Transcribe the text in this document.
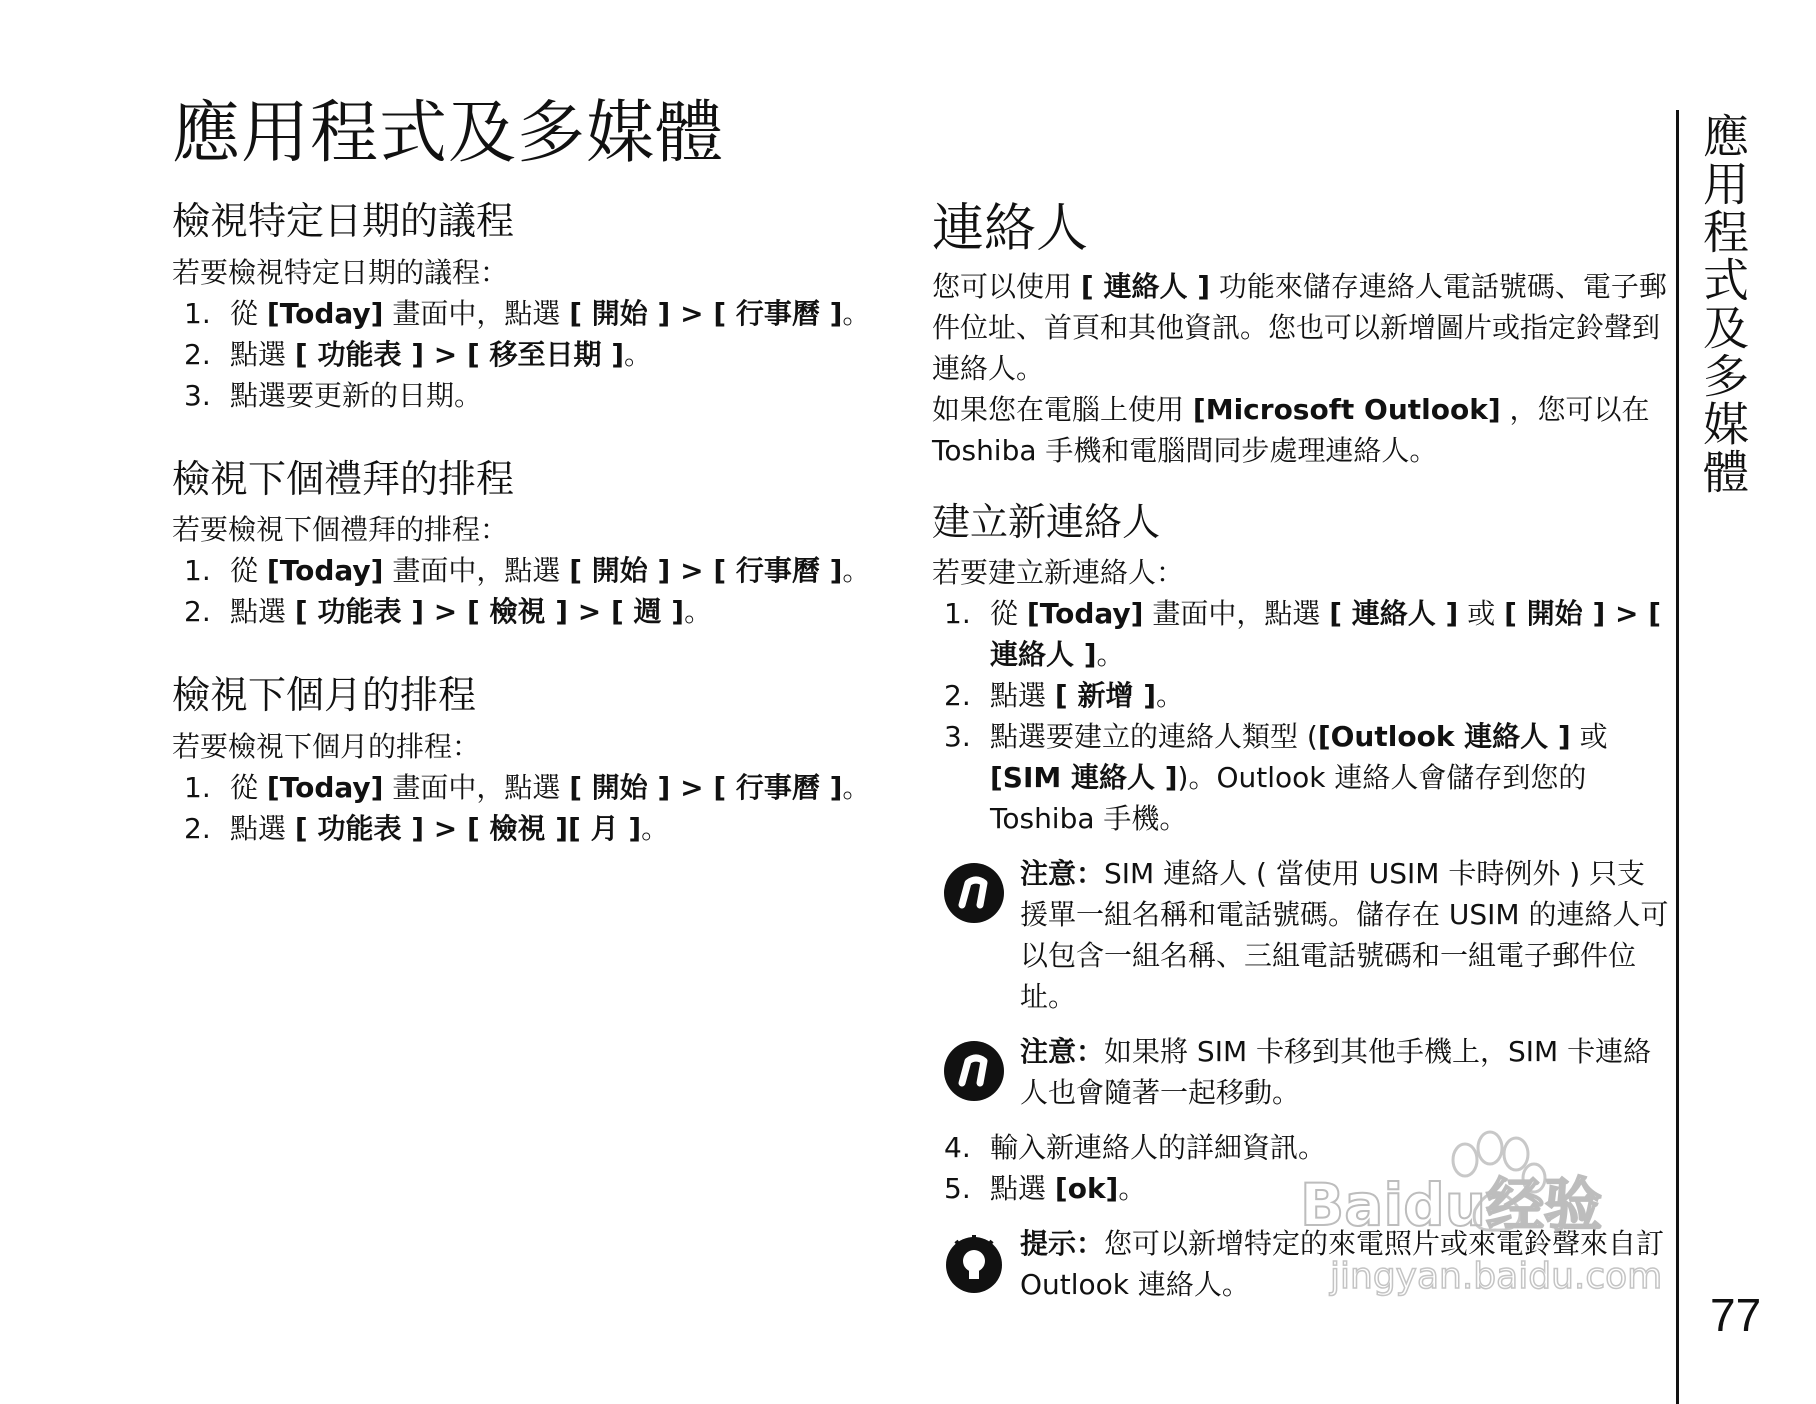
應用程式及多媒體
檢視特定日期的議程

若要檢視特定日期的議程：

1. 從 [Today] 畫面中，點選 [ 開始 ] > [ 行事曆 ]。
2. 點選 [ 功能表 ] > [ 移至日期 ]。
3. 點選要更新的日期。
檢視下個禮拜的排程

若要檢視下個禮拜的排程：

1. 從 [Today] 畫面中，點選 [ 開始 ] > [ 行事曆 ]。
2. 點選 [ 功能表 ] > [ 檢視 ] > [ 週 ]。
檢視下個月的排程

若要檢視下個月的排程：

1. 從 [Today] 畫面中，點選 [ 開始 ] > [ 行事曆 ]。
2. 點選 [ 功能表 ] > [ 檢視 ][ 月 ]。
連絡人

您可以使用 [ 連絡人 ] 功能來儲存連絡人電話號碼、電子郵件位址、首頁和其他資訊。您也可以新增圖片或指定鈴聲到連絡人。

如果您在電腦上使用 [Microsoft Outlook] ，您可以在 Toshiba 手機和電腦間同步處理連絡人。

建立新連絡人

若要建立新連絡人：

1. 從 [Today] 畫面中，點選 [ 連絡人 ] 或 [ 開始 ] > [ 連絡人 ]。
2. 點選 [ 新增 ]。
3. 點選要建立的連絡人類型 ([Outlook 連絡人 ] 或 [SIM 連絡人 ])。Outlook 連絡人會儲存到您的 Toshiba 手機。
注意：SIM 連絡人 ( 當使用 USIM 卡時例外 ) 只支援單一組名稱和電話號碼。儲存在 USIM 的連絡人可以包含一組名稱、三組電話號碼和一組電子郵件位址。
注意：如果將 SIM 卡移到其他手機上，SIM 卡連絡人也會隨著一起移動。
4. 輸入新連絡人的詳細資訊。
5. 點選 [ok]。
提示：您可以新增特定的來電照片或來電鈴聲來自訂 Outlook 連絡人。
應用程式及多媒體
Baidu经验
jingyan.baidu.com
77
